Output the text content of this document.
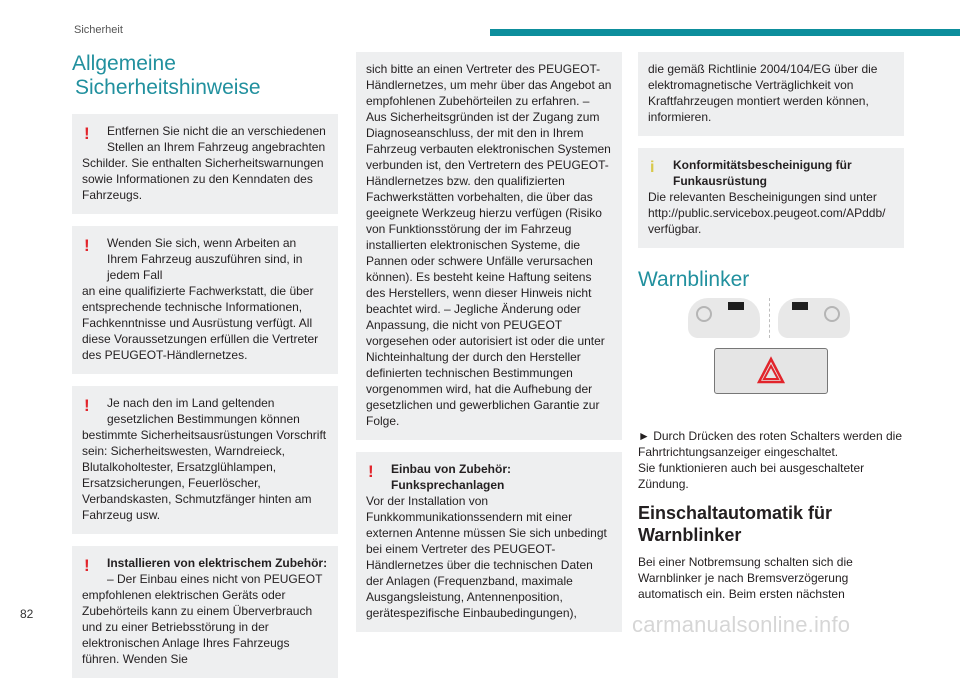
Sicherheit
Allgemeine
Sicherheitshinweise
!	Entfernen Sie nicht die an verschiedenen Stellen an Ihrem Fahrzeug angebrachten
Schilder. Sie enthalten Sicherheitswarnungen sowie Informationen zu den Kenndaten des Fahrzeugs.
!	Wenden Sie sich, wenn Arbeiten an Ihrem Fahrzeug auszuführen sind, in jedem Fall
an eine qualifizierte Fachwerkstatt, die über entsprechende technische Informationen, Fachkenntnisse und Ausrüstung verfügt. All diese Voraussetzungen erfüllen die Vertreter des PEUGEOT-Händlernetzes.
!	Je nach den im Land geltenden gesetzlichen Bestimmungen können
bestimmte Sicherheitsausrüstungen Vorschrift sein: Sicherheitswesten, Warndreieck, Blutalkoholtester, Ersatzglühlampen, Ersatzsicherungen, Feuerlöscher, Verbandskasten, Schmutzfänger hinten am Fahrzeug usw.
!	Installieren von elektrischem Zubehör:
– Der Einbau eines nicht von PEUGEOT
empfohlenen elektrischen Geräts oder Zubehörteils kann zu einem Überverbrauch und zu einer Betriebsstörung in der elektronischen Anlage Ihres Fahrzeugs führen. Wenden Sie
sich bitte an einen Vertreter des PEUGEOT-Händlernetzes, um mehr über das Angebot an empfohlenen Zubehörteilen zu erfahren. – Aus Sicherheitsgründen ist der Zugang zum Diagnoseanschluss, der mit den in Ihrem Fahrzeug verbauten elektronischen Systemen verbunden ist, den Vertretern des PEUGEOT-Händlernetzes bzw. den qualifizierten Fachwerkstätten vorbehalten, die über das geeignete Werkzeug hierzu verfügen (Risiko von Funktionsstörung der im Fahrzeug installierten elektronischen Systeme, die Pannen oder schwere Unfälle verursachen können). Es besteht keine Haftung seitens des Herstellers, wenn dieser Hinweis nicht beachtet wird. – Jegliche Änderung oder Anpassung, die nicht von PEUGEOT vorgesehen oder autorisiert ist oder die unter Nichteinhaltung der durch den Hersteller definierten technischen Bestimmungen vorgenommen wird, hat die Aufhebung der gesetzlichen und gewerblichen Garantie zur Folge.
!	Einbau von Zubehör:
Funksprechanlagen
Vor der Installation von Funkkommunikationssendern mit einer externen Antenne müssen Sie sich unbedingt bei einem Vertreter des PEUGEOT-Händlernetzes über die technischen Daten der Anlagen (Frequenzband, maximale Ausgangsleistung, Antennenposition, gerätespezifische Einbaubedingungen),
die gemäß Richtlinie 2004/104/EG über die elektromagnetische Verträglichkeit von Kraftfahrzeugen montiert werden können, informieren.
i	Konformitätsbescheinigung für
Funkausrüstung
Die relevanten Bescheinigungen sind unter http://public.servicebox.peugeot.com/APddb/ verfügbar.
Warnblinker

► Durch Drücken des roten Schalters werden die Fahrtrichtungsanzeiger eingeschaltet.

Sie funktionieren auch bei ausgeschalteter Zündung.

Einschaltautomatik für Warnblinker

Bei einer Notbremsung schalten sich die Warnblinker je nach Bremsverzögerung automatisch ein. Beim ersten nächsten

82	carmanualsonline.info
